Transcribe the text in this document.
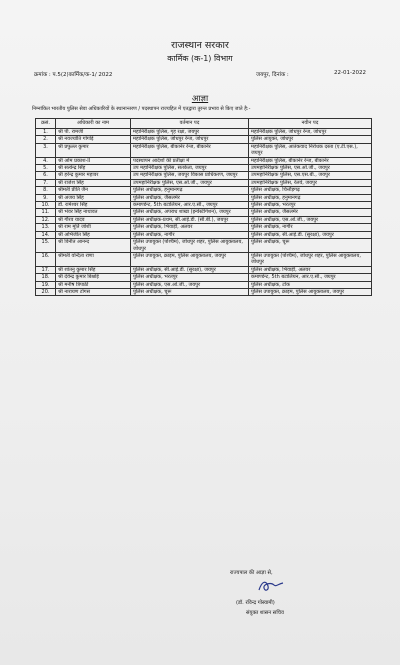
राजस्थान सरकार
कार्मिक (क-1) विभाग
क्रमांक : प.5(2)कार्मिक/क-1/ 2022	जयपुर, दिनांक :	22-01-2022
आज्ञा
निम्नांकित भारतीय पुलिस सेवा अधिकारियों के स्थानान्तरण / पदस्थापन राज्यहित में एतद्वारा तुरन्त प्रभाव से किए जाते है:-
क्रसं.	अधिकारी का नाम	वर्तमान पद	नवीन पद
1.	श्री पी. रामजी	महानिरीक्षक पुलिस, गृह रक्षा, जयपुर	महानिरीक्षक पुलिस, जोधपुर रेन्ज, जोधपुर
2.	श्री नवज्योति गोगोई	महानिरीक्षक पुलिस, जोधपुर रेन्ज, जोधपुर	पुलिस आयुक्त, जोधपुर
3.	श्री प्रफुल्ल कुमार	महानिरीक्षक पुलिस, बीकानेर रेन्ज, बीकानेर	महानिरीक्षक पुलिस, आतंकवाद निरोधक दस्ता (ए.टी.एस.), जयपुर
4.	श्री ओम प्रकाश-II	पदस्थापन आदेशों की प्रतीक्षा में	महानिरीक्षक पुलिस, बीकानेर रेन्ज, बीकानेर
5.	श्री सत्येन्द्र सिंह	उप महानिरीक्षक पुलिस, सतर्कता, जयपुर	उपमहानिरीक्षक पुलिस, एस.ओ.जी., जयपुर
6.	श्री हरेन्द्र कुमार महावर	उप महानिरीक्षक पुलिस, जयपुर विकास प्राधिकरण, जयपुर	उपमहानिरीक्षक पुलिस, एस.एस.बी., जयपुर
7.	श्री राजेश सिंह	उपमहानिरीक्षक पुलिस, एस.ओ.जी., जयपुर	उपमहानिरीक्षक पुलिस, रेलवे, जयपुर
8.	श्रीमती प्रीति जैन	पुलिस अधीक्षक, हनुमानगढ़	पुलिस अधीक्षक, चित्तौड़गढ़
9.	श्री अजय सिंह	पुलिस अधीक्षक, जैसलमेर	पुलिस अधीक्षक, हनुमानगढ़
10.	डॉ. रामेश्वर सिंह	कमाण्डेन्ट, 5th बटालियन, आर.ए.सी., जयपुर	पुलिस अधीक्षक, भरतपुर
11.	श्री भंवर सिंह नाथावत	पुलिस अधीक्षक, अपराध शाखा (इन्वेस्टीगेशन), जयपुर	पुलिस अधीक्षक, जैसलमेर
12.	श्री गौरव यादव	पुलिस अधीक्षक-प्रथम, सी.आई.डी. (सी.बी.), जयपुर	पुलिस अधीक्षक, एस.ओ.जी., जयपुर
13.	श्री राम मूर्ति जोशी	पुलिस अधीक्षक, भिवाड़ी, अलवर	पुलिस अधीक्षक, नागौर
14.	श्री अभिजीत सिंह	पुलिस अधीक्षक, नागौर	पुलिस अधीक्षक, सी.आई.डी. (सुरक्षा), जयपुर
15.	श्री विनीत आनन्द	पुलिस उपायुक्त (पश्चिम), जोधपुर शहर, पुलिस आयुक्तालय, जोधपुर	पुलिस अधीक्षक, चूरू
16.	श्रीमती वन्दिता राणा	पुलिस उपायुक्त, क्राइम, पुलिस आयुक्तालय, जयपुर	पुलिस उपायुक्त (पश्चिम), जोधपुर शहर, पुलिस आयुक्तालय, जोधपुर
17.	श्री शांतनु कुमार सिंह	पुलिस अधीक्षक, सी.आई.डी. (सुरक्षा), जयपुर	पुलिस अधीक्षक, भिवाड़ी, अलवर
18.	श्री देवेन्द्र कुमार बिश्नोई	पुलिस अधीक्षक, भरतपुर	कमाण्डेन्ट, 5th बटालियन, आर.ए.सी., जयपुर
19.	श्री मनीष त्रिपाठी	पुलिस अधीक्षक, एस.ओ.जी., जयपुर	पुलिस अधीक्षक, टोंक
20.	श्री नारायण टोगस	पुलिस अधीक्षक, चूरू	पुलिस उपायुक्त, क्राइम, पुलिस आयुक्तालय, जयपुर
राज्यपाल की आज्ञा से,
(डॉ. रविन्द्र गोस्वामी)
संयुक्त शासन सचिव
